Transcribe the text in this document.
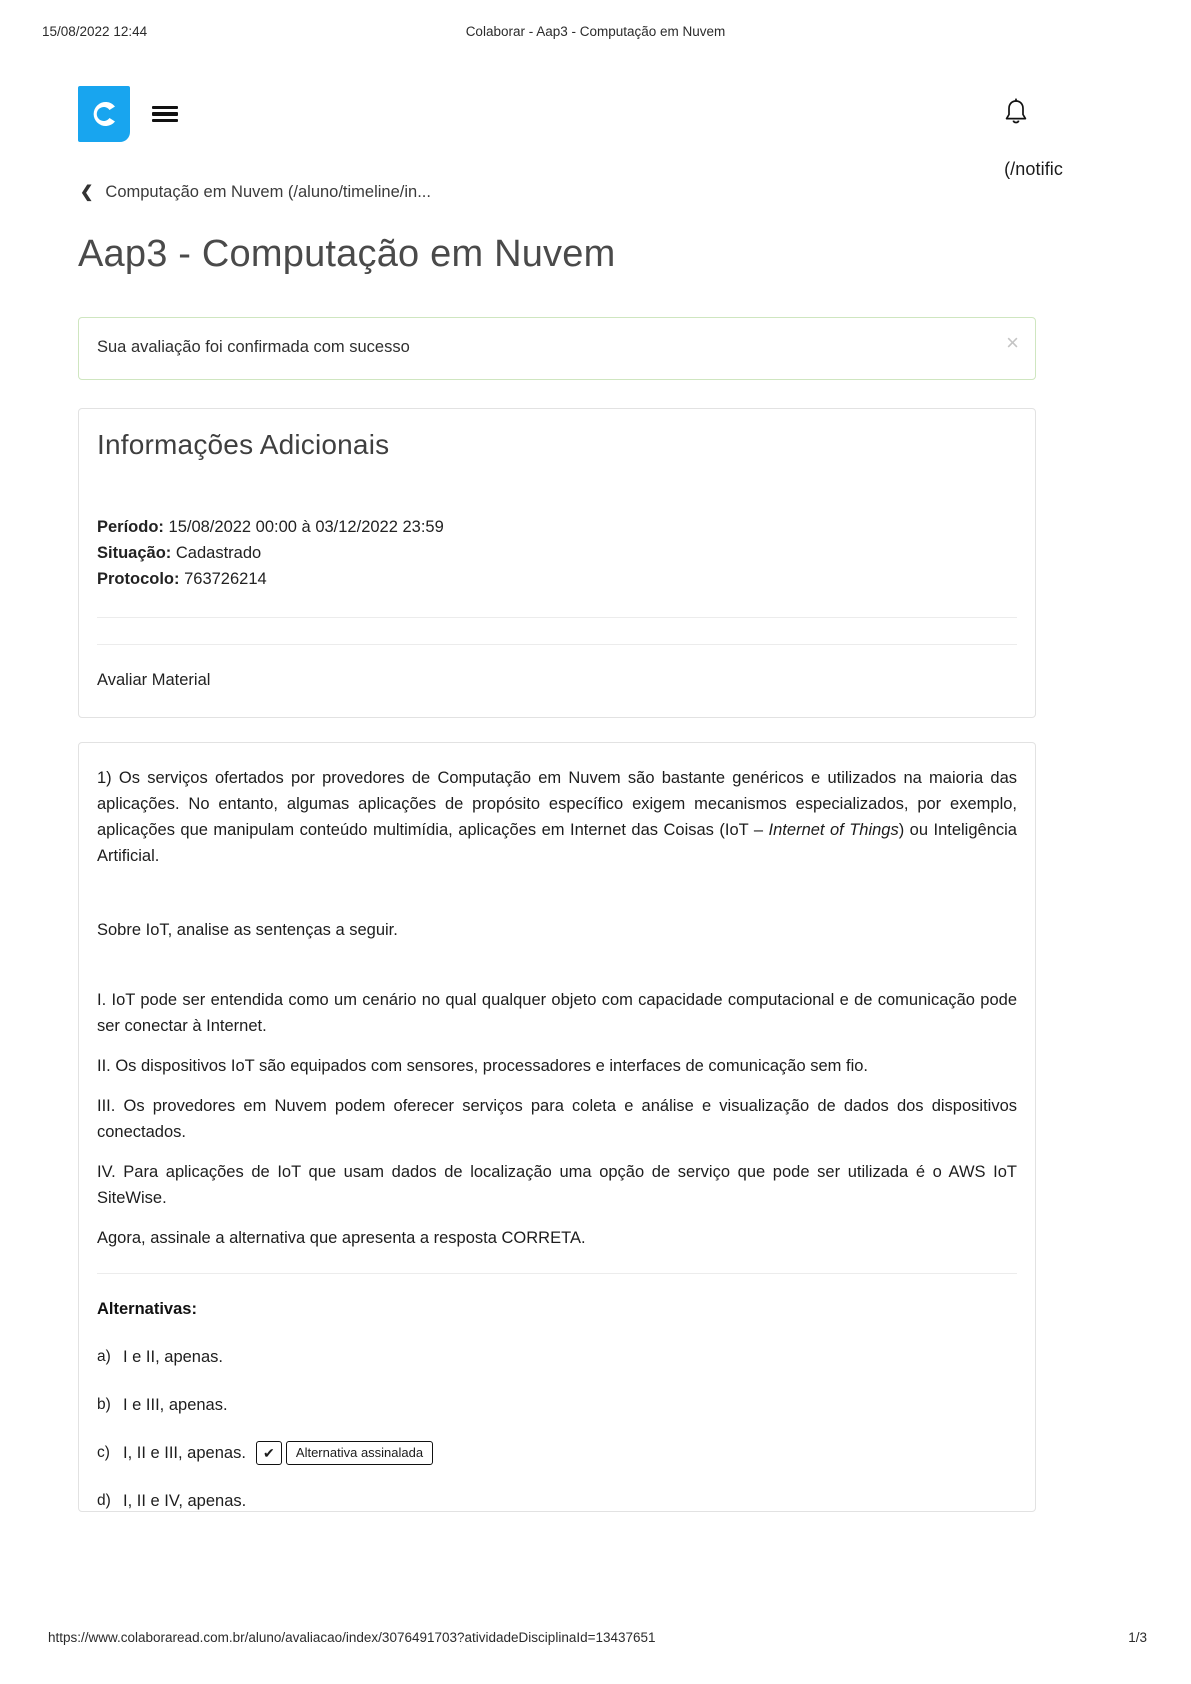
15/08/2022 12:44	Colaborar - Aap3 - Computação em Nuvem
(/notific
❮ Computação em Nuvem (/aluno/timeline/in...
Aap3 - Computação em Nuvem
Sua avaliação foi confirmada com sucesso	×
Informações Adicionais
Período: 15/08/2022 00:00 à 03/12/2022 23:59
Situação: Cadastrado
Protocolo: 763726214
Avaliar Material

1) Os serviços ofertados por provedores de Computação em Nuvem são bastante genéricos e utilizados na maioria das aplicações. No entanto, algumas aplicações de propósito específico exigem mecanismos especializados, por exemplo, aplicações que manipulam conteúdo multimídia, aplicações em Internet das Coisas (IoT – Internet of Things) ou Inteligência Artificial.

Sobre IoT, analise as sentenças a seguir.

I. IoT pode ser entendida como um cenário no qual qualquer objeto com capacidade computacional e de comunicação pode ser conectar à Internet.

II. Os dispositivos IoT são equipados com sensores, processadores e interfaces de comunicação sem fio.

III. Os provedores em Nuvem podem oferecer serviços para coleta e análise e visualização de dados dos dispositivos conectados.

IV. Para aplicações de IoT que usam dados de localização uma opção de serviço que pode ser utilizada é o AWS IoT SiteWise.

Agora, assinale a alternativa que apresenta a resposta CORRETA.

Alternativas:
a) I e II, apenas.
b) I e III, apenas.
c) I, II e III, apenas.	✔	Alternativa assinalada
d) I, II e IV, apenas.
https://www.colaboraread.com.br/aluno/avaliacao/index/3076491703?atividadeDisciplinaId=13437651	1/3
